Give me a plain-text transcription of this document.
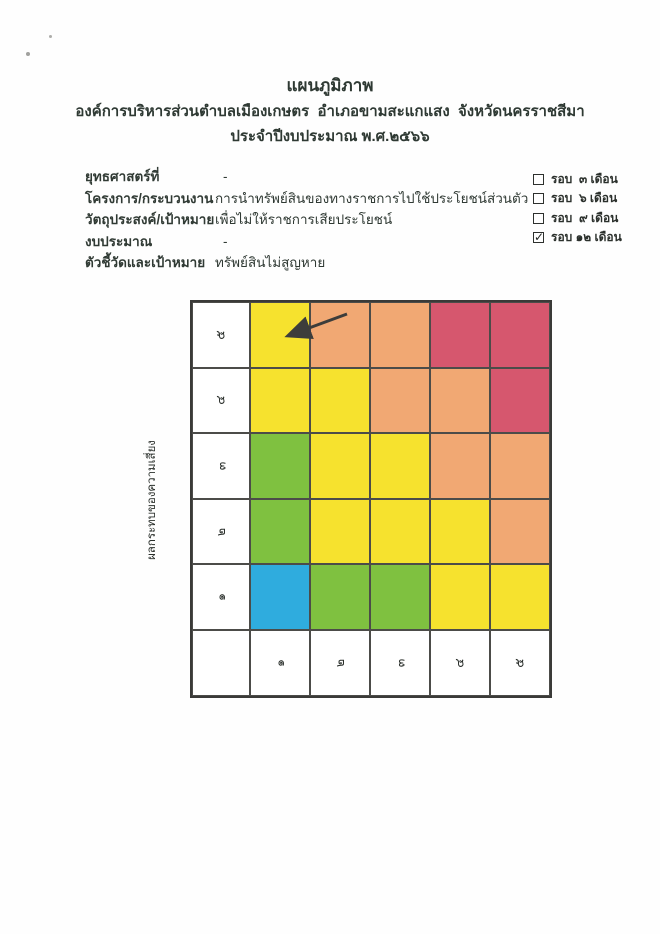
แผนภูมิภาพ
องค์การบริหารส่วนตำบลเมืองเกษตร  อำเภอขามสะแกแสง  จังหวัดนครราชสีมา
ประจำปีงบประมาณ พ.ศ.๒๕๖๖
ยุทธศาสตร์ที่	-
โครงการ/กระบวนงาน การนำทรัพย์สินของทางราชการไปใช้ประโยชน์ส่วนตัว
วัตถุประสงค์/เป้าหมาย เพื่อไม่ให้ราชการเสียประโยชน์
งบประมาณ	-
ตัวชี้วัดและเป้าหมาย ทรัพย์สินไม่สูญหาย
รอบ  ๓ เดือน
รอบ  ๖ เดือน
รอบ  ๙ เดือน
✓ รอบ ๑๒ เดือน
ผลกระทบของความเสี่ยง
๕
๔
๓
๒
๑
๑	๒	๓	๔	๕
